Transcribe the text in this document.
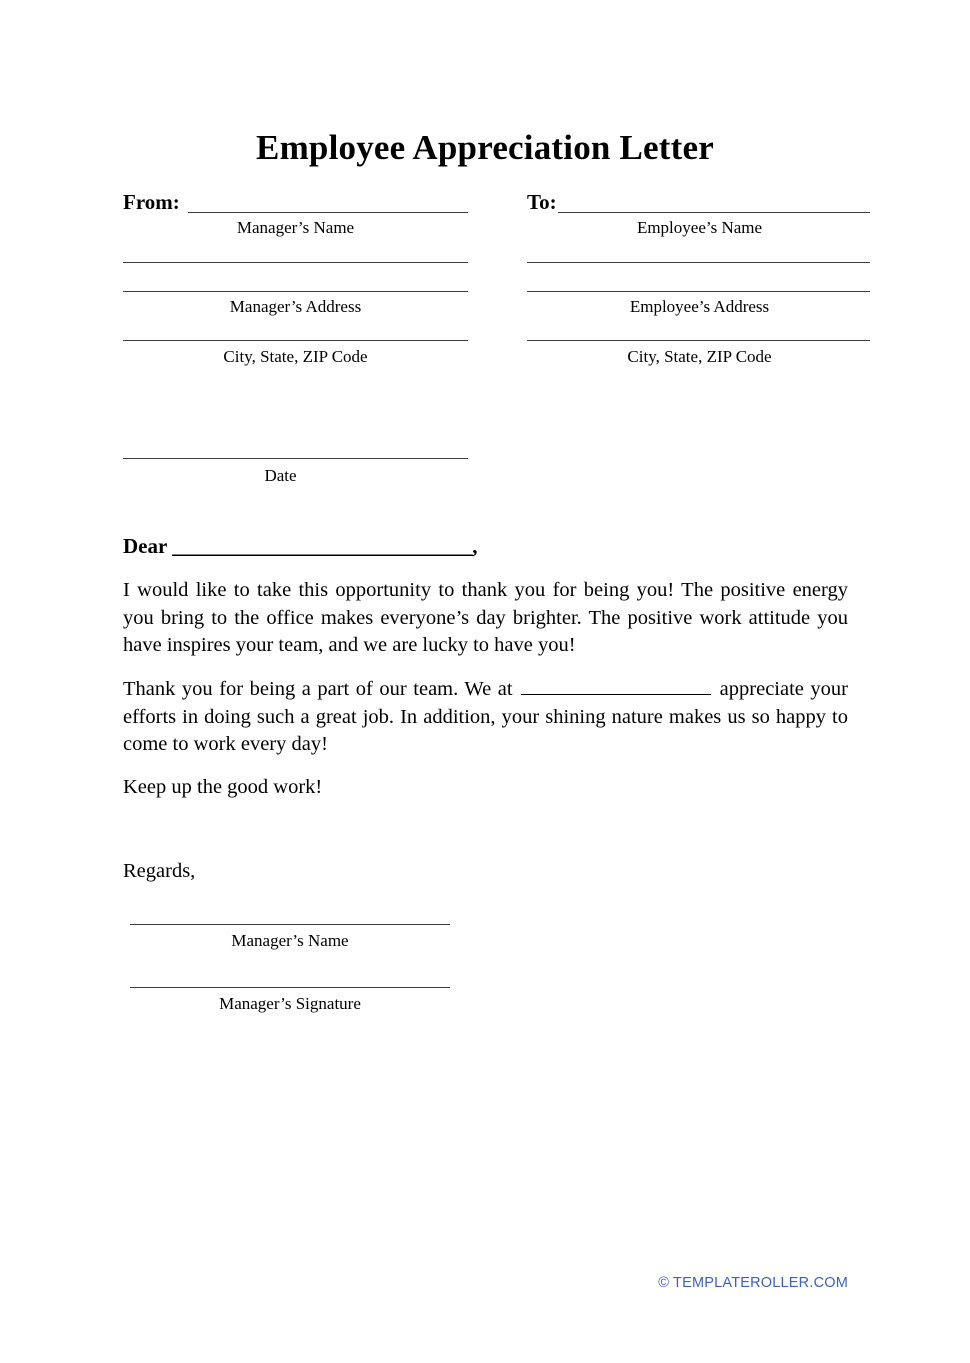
Employee Appreciation Letter
From:
Manager’s Name
Manager’s Address
City, State, ZIP Code
To:
Employee’s Name
Employee’s Address
City, State, ZIP Code
Date
Dear ______________________________,
I would like to take this opportunity to thank you for being you! The positive energy you bring to the office makes everyone’s day brighter. The positive work attitude you have inspires your team, and we are lucky to have you!
Thank you for being a part of our team. We at	appreciate your efforts in doing such a great job. In addition, your shining nature makes us so happy to come to work every day!
Keep up the good work!
Regards,
Manager’s Name
Manager’s Signature
© TEMPLATEROLLER.COM
